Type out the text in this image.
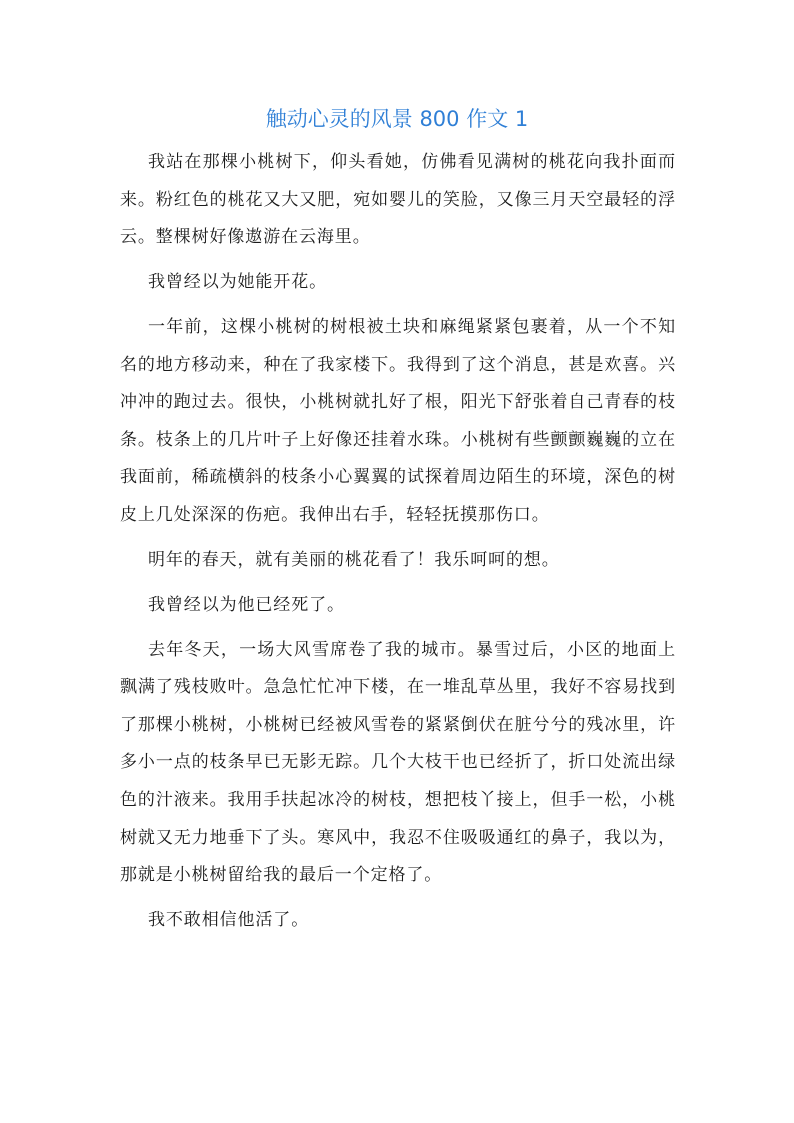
触动心灵的风景 800 作文 1

我站在那棵小桃树下，仰头看她，仿佛看见满树的桃花向我扑面而来。粉红色的桃花又大又肥，宛如婴儿的笑脸，又像三月天空最轻的浮云。整棵树好像遨游在云海里。

我曾经以为她能开花。

一年前，这棵小桃树的树根被土块和麻绳紧紧包裹着，从一个不知名的地方移动来，种在了我家楼下。我得到了这个消息，甚是欢喜。兴冲冲的跑过去。很快，小桃树就扎好了根，阳光下舒张着自己青春的枝条。枝条上的几片叶子上好像还挂着水珠。小桃树有些颤颤巍巍的立在我面前，稀疏横斜的枝条小心翼翼的试探着周边陌生的环境，深色的树皮上几处深深的伤疤。我伸出右手，轻轻抚摸那伤口。

明年的春天，就有美丽的桃花看了！我乐呵呵的想。

我曾经以为他已经死了。

去年冬天，一场大风雪席卷了我的城市。暴雪过后，小区的地面上飘满了残枝败叶。急急忙忙冲下楼，在一堆乱草丛里，我好不容易找到了那棵小桃树，小桃树已经被风雪卷的紧紧倒伏在脏兮兮的残冰里，许多小一点的枝条早已无影无踪。几个大枝干也已经折了，折口处流出绿色的汁液来。我用手扶起冰冷的树枝，想把枝丫接上，但手一松，小桃树就又无力地垂下了头。寒风中，我忍不住吸吸通红的鼻子，我以为，那就是小桃树留给我的最后一个定格了。

我不敢相信他活了。
